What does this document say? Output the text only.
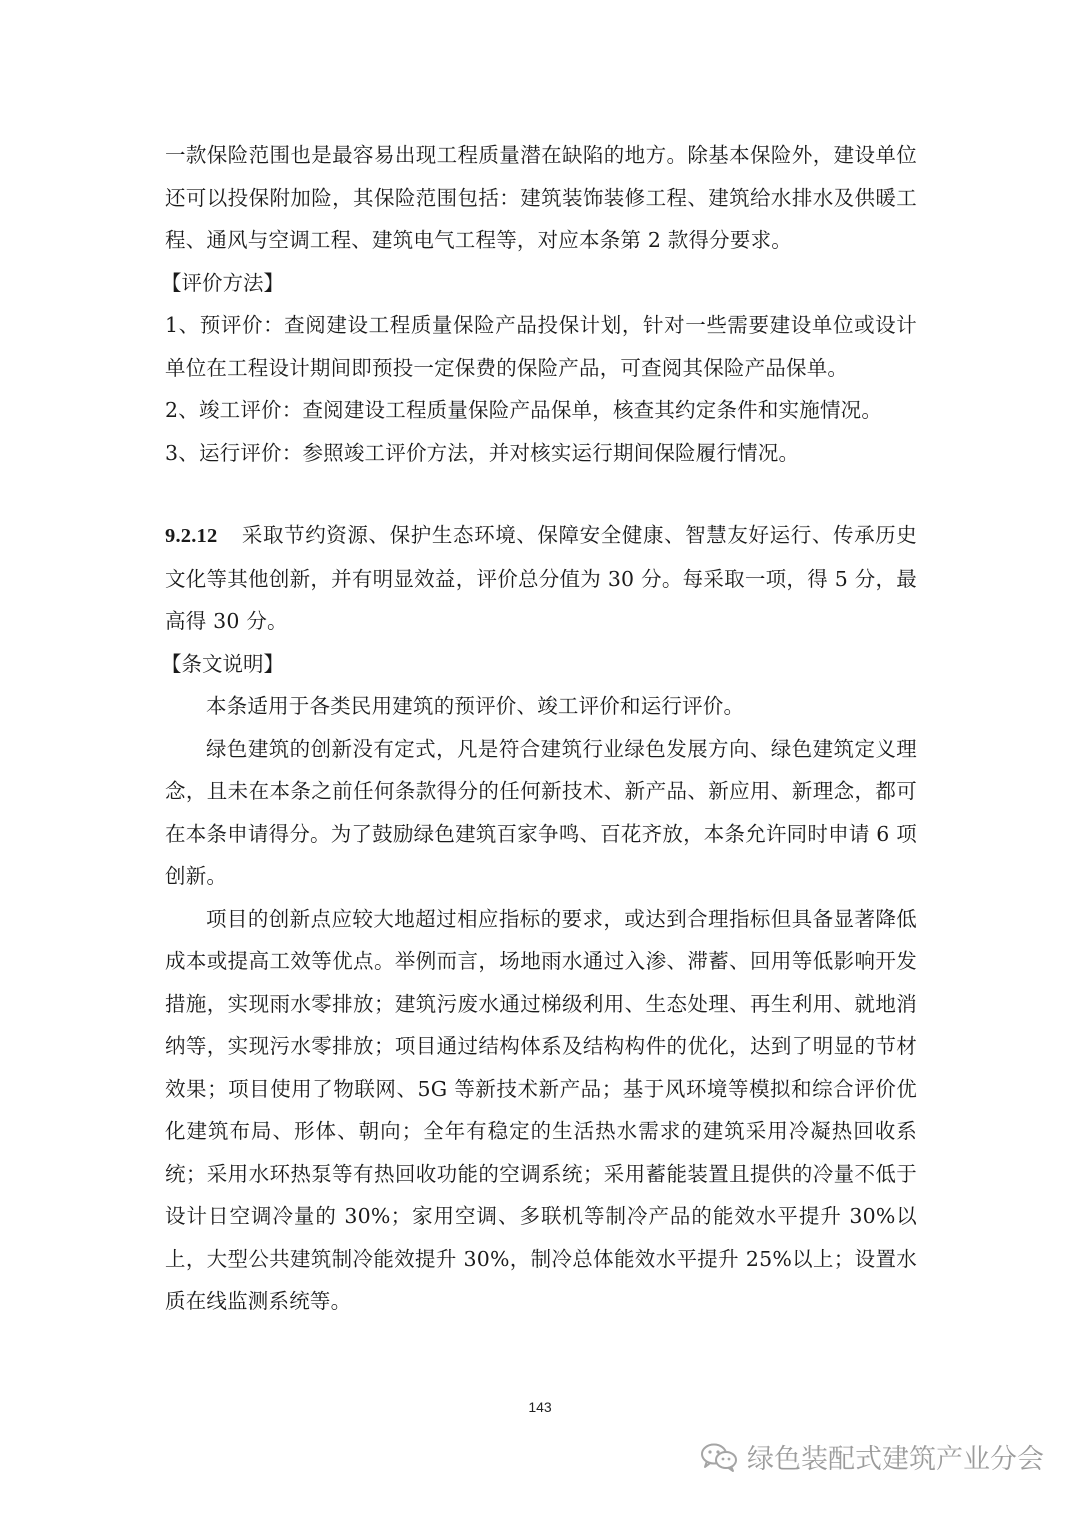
一款保险范围也是最容易出现工程质量潜在缺陷的地方。除基本保险外，建设单位还可以投保附加险，其保险范围包括：建筑装饰装修工程、建筑给水排水及供暖工程、通风与空调工程、建筑电气工程等，对应本条第 2 款得分要求。

【评价方法】

1、预评价：查阅建设工程质量保险产品投保计划，针对一些需要建设单位或设计单位在工程设计期间即预投一定保费的保险产品，可查阅其保险产品保单。

2、竣工评价：查阅建设工程质量保险产品保单，核查其约定条件和实施情况。

3、运行评价：参照竣工评价方法，并对核实运行期间保险履行情况。

9.2.12 采取节约资源、保护生态环境、保障安全健康、智慧友好运行、传承历史文化等其他创新，并有明显效益，评价总分值为 30 分。每采取一项，得 5 分，最高得 30 分。

【条文说明】

本条适用于各类民用建筑的预评价、竣工评价和运行评价。

绿色建筑的创新没有定式，凡是符合建筑行业绿色发展方向、绿色建筑定义理念，且未在本条之前任何条款得分的任何新技术、新产品、新应用、新理念，都可在本条申请得分。为了鼓励绿色建筑百家争鸣、百花齐放，本条允许同时申请 6 项创新。

项目的创新点应较大地超过相应指标的要求，或达到合理指标但具备显著降低成本或提高工效等优点。举例而言，场地雨水通过入渗、滞蓄、回用等低影响开发措施，实现雨水零排放；建筑污废水通过梯级利用、生态处理、再生利用、就地消纳等，实现污水零排放；项目通过结构体系及结构构件的优化，达到了明显的节材效果；项目使用了物联网、5G 等新技术新产品；基于风环境等模拟和综合评价优化建筑布局、形体、朝向；全年有稳定的生活热水需求的建筑采用冷凝热回收系统；采用水环热泵等有热回收功能的空调系统；采用蓄能装置且提供的冷量不低于设计日空调冷量的 30%；家用空调、多联机等制冷产品的能效水平提升 30%以上，大型公共建筑制冷能效提升 30%，制冷总体能效水平提升 25%以上；设置水质在线监测系统等。

143
绿色装配式建筑产业分会
